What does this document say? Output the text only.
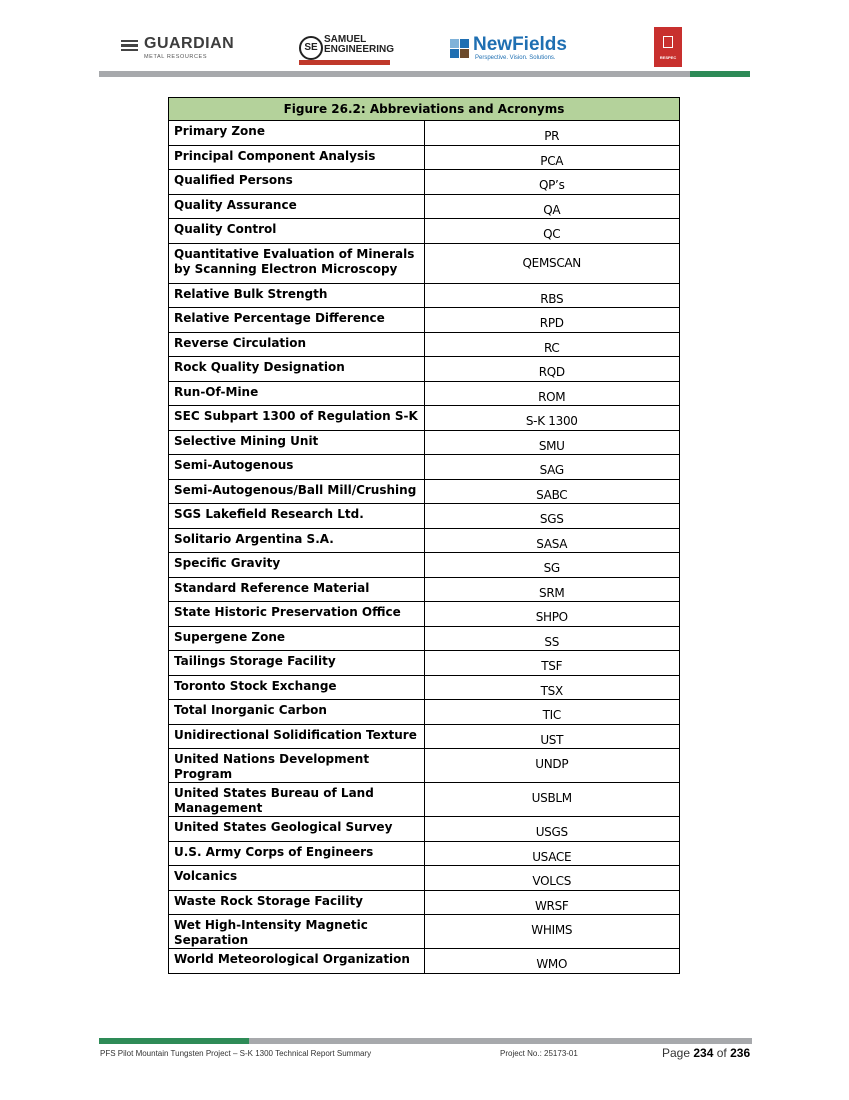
GUARDIAN
METAL RESOURCES
SE
SAMUEL
ENGINEERING	NewFields
Perspective. Vision. Solutions.	RESPEC
Figure 26.2: Abbreviations and Acronyms	
Primary Zone	PR
Principal Component Analysis	PCA
Qualified Persons	QP’s
Quality Assurance	QA
Quality Control	QC
Quantitative Evaluation of Minerals by Scanning Electron Microscopy	QEMSCAN
Relative Bulk Strength	RBS
Relative Percentage Difference	RPD
Reverse Circulation	RC
Rock Quality Designation	RQD
Run-Of-Mine	ROM
SEC Subpart 1300 of Regulation S-K	S-K 1300
Selective Mining Unit	SMU
Semi-Autogenous	SAG
Semi-Autogenous/Ball Mill/Crushing	SABC
SGS Lakefield Research Ltd.	SGS
Solitario Argentina S.A.	SASA
Specific Gravity	SG
Standard Reference Material	SRM
State Historic Preservation Office	SHPO
Supergene Zone	SS
Tailings Storage Facility	TSF
Toronto Stock Exchange	TSX
Total Inorganic Carbon	TIC
Unidirectional Solidification Texture	UST
United Nations Development Program	UNDP
United States Bureau of Land Management	USBLM
United States Geological Survey	USGS
U.S. Army Corps of Engineers	USACE
Volcanics	VOLCS
Waste Rock Storage Facility	WRSF
Wet High-Intensity Magnetic Separation	WHIMS
World Meteorological Organization	WMO
PFS Pilot Mountain Tungsten Project – S-K 1300 Technical Report Summary	Project No.: 25173-01	Page 234 of 236
